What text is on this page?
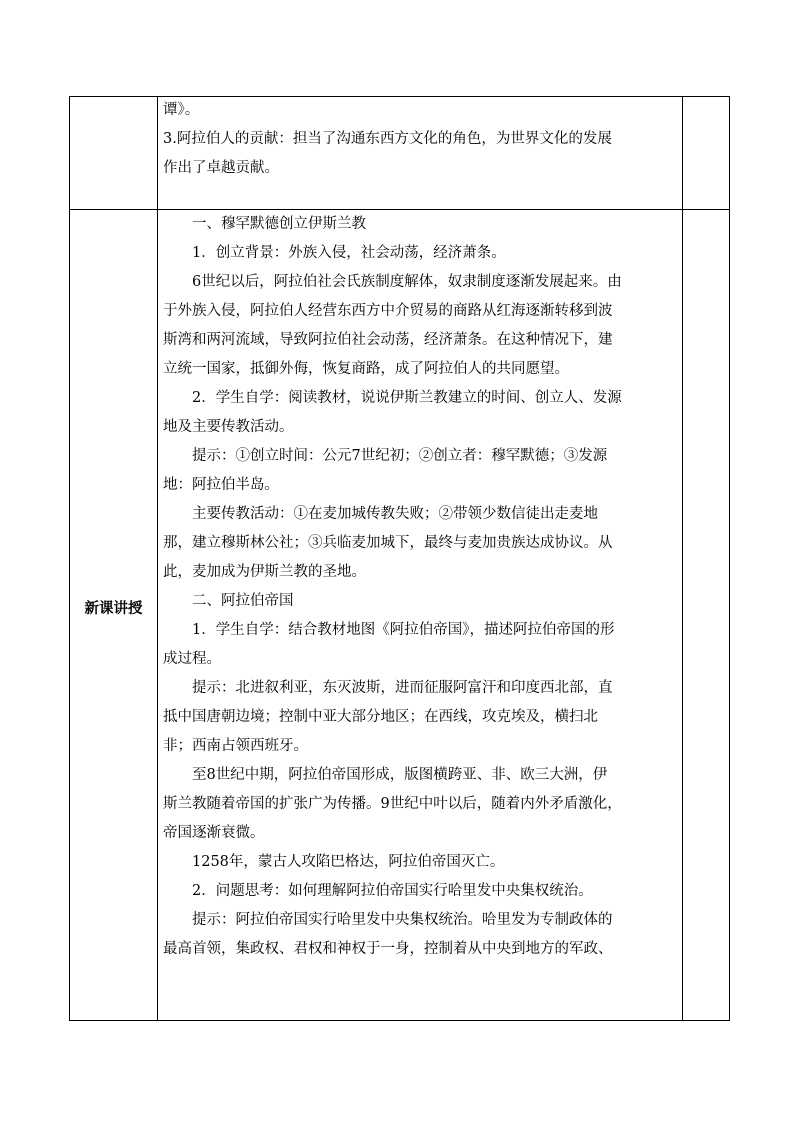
谭》。

3.阿拉伯人的贡献：担当了沟通东西方文化的角色，为世界文化的发展

作出了卓越贡献。

新课讲授

一、穆罕默德创立伊斯兰教

1．创立背景：外族入侵，社会动荡，经济萧条。

6世纪以后，阿拉伯社会氏族制度解体，奴隶制度逐渐发展起来。由

于外族入侵，阿拉伯人经营东西方中介贸易的商路从红海逐渐转移到波

斯湾和两河流域，导致阿拉伯社会动荡，经济萧条。在这种情况下，建

立统一国家，抵御外侮，恢复商路，成了阿拉伯人的共同愿望。

2．学生自学：阅读教材，说说伊斯兰教建立的时间、创立人、发源

地及主要传教活动。

提示：①创立时间：公元7世纪初；②创立者：穆罕默德；③发源

地：阿拉伯半岛。

主要传教活动：①在麦加城传教失败；②带领少数信徒出走麦地

那，建立穆斯林公社；③兵临麦加城下，最终与麦加贵族达成协议。从

此，麦加成为伊斯兰教的圣地。

二、阿拉伯帝国

1．学生自学：结合教材地图《阿拉伯帝国》，描述阿拉伯帝国的形

成过程。

提示：北进叙利亚，东灭波斯，进而征服阿富汗和印度西北部，直

抵中国唐朝边境；控制中亚大部分地区；在西线，攻克埃及，横扫北

非；西南占领西班牙。

至8世纪中期，阿拉伯帝国形成，版图横跨亚、非、欧三大洲，伊

斯兰教随着帝国的扩张广为传播。9世纪中叶以后，随着内外矛盾激化，

帝国逐渐衰微。

1258年，蒙古人攻陷巴格达，阿拉伯帝国灭亡。

2．问题思考：如何理解阿拉伯帝国实行哈里发中央集权统治。

提示：阿拉伯帝国实行哈里发中央集权统治。哈里发为专制政体的

最高首领，集政权、君权和神权于一身，控制着从中央到地方的军政、
